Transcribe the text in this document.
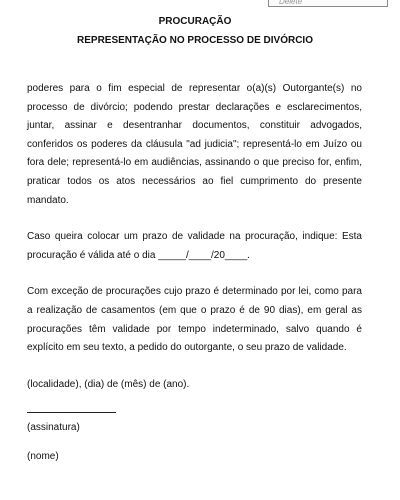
Delete
PROCURAÇÃO
REPRESENTAÇÃO NO PROCESSO DE DIVÓRCIO

poderes para o fim especial de representar o(a)(s) Outorgante(s) no processo de divórcio; podendo prestar declarações e esclarecimentos, juntar, assinar e desentranhar documentos, constituir advogados, conferidos os poderes da cláusula "ad judicia"; representá-lo em Juízo ou fora dele; representá-lo em audiências, assinando o que preciso for, enfim, praticar todos os atos necessários ao fiel cumprimento do presente mandato.

Caso queira colocar um prazo de validade na procuração, indique: Esta procuração é válida até o dia _____/____/20____.

Com exceção de procurações cujo prazo é determinado por lei, como para a realização de casamentos (em que o prazo é de 90 dias), em geral as procurações têm validade por tempo indeterminado, salvo quando é explícito em seu texto, a pedido do outorgante, o seu prazo de validade.

(localidade), (dia) de (mês) de (ano).

(assinatura)

(nome)
